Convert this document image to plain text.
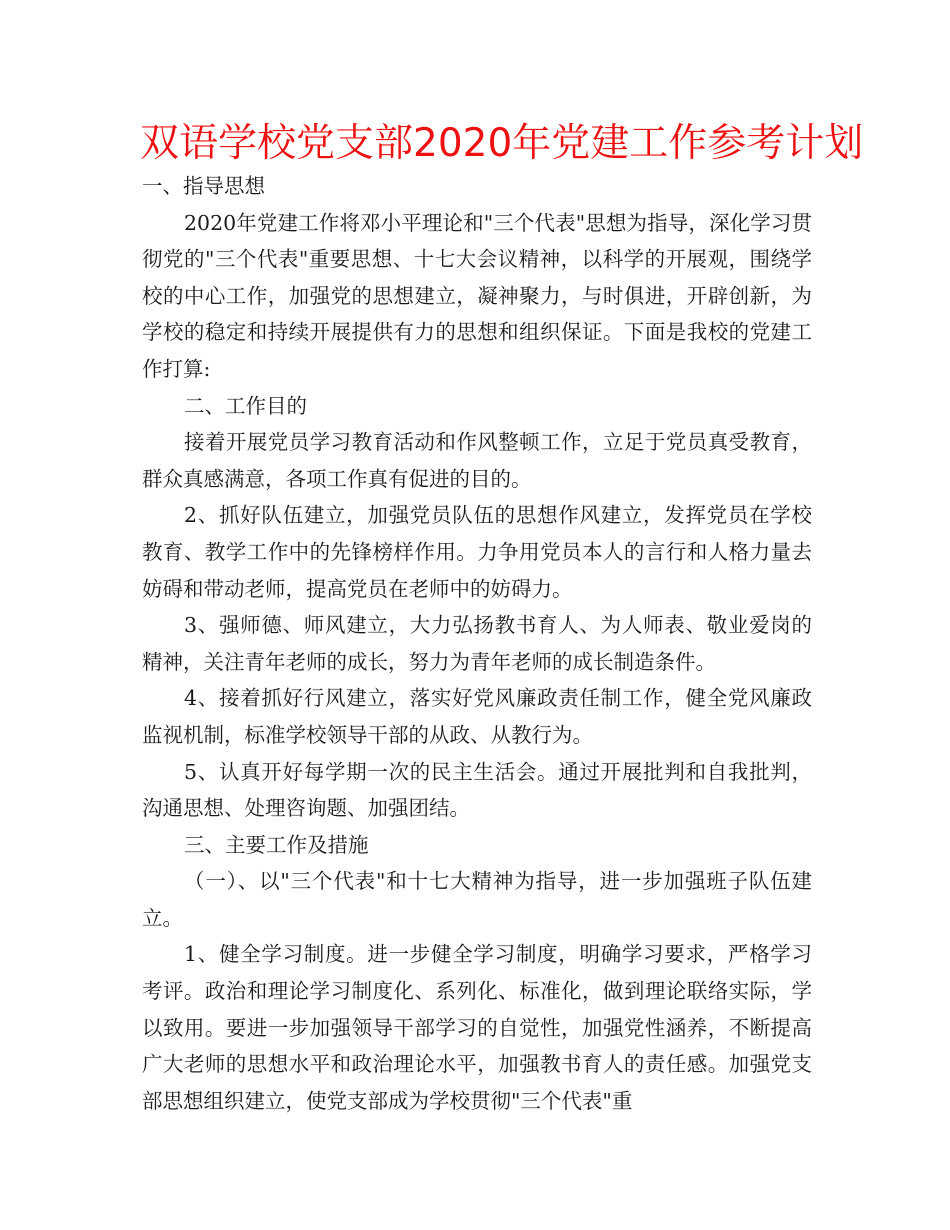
双语学校党支部2020年党建工作参考计划

一、指导思想

2020年党建工作将邓小平理论和"三个代表"思想为指导，深化学习贯彻党的"三个代表"重要思想、十七大会议精神，以科学的开展观，围绕学校的中心工作，加强党的思想建立，凝神聚力，与时俱进，开辟创新，为学校的稳定和持续开展提供有力的思想和组织保证。下面是我校的党建工作打算:

二、工作目的

接着开展党员学习教育活动和作风整顿工作，立足于党员真受教育，群众真感满意，各项工作真有促进的目的。

2、抓好队伍建立，加强党员队伍的思想作风建立，发挥党员在学校教育、教学工作中的先锋榜样作用。力争用党员本人的言行和人格力量去妨碍和带动老师，提高党员在老师中的妨碍力。

3、强师德、师风建立，大力弘扬教书育人、为人师表、敬业爱岗的精神，关注青年老师的成长，努力为青年老师的成长制造条件。

4、接着抓好行风建立，落实好党风廉政责任制工作，健全党风廉政监视机制，标准学校领导干部的从政、从教行为。

5、认真开好每学期一次的民主生活会。通过开展批判和自我批判，沟通思想、处理咨询题、加强团结。

三、主要工作及措施

（一）、以"三个代表"和十七大精神为指导，进一步加强班子队伍建立。

1、健全学习制度。进一步健全学习制度，明确学习要求，严格学习考评。政治和理论学习制度化、系列化、标准化，做到理论联络实际，学以致用。要进一步加强领导干部学习的自觉性，加强党性涵养，不断提高广大老师的思想水平和政治理论水平，加强教书育人的责任感。加强党支部思想组织建立，使党支部成为学校贯彻"三个代表"重
